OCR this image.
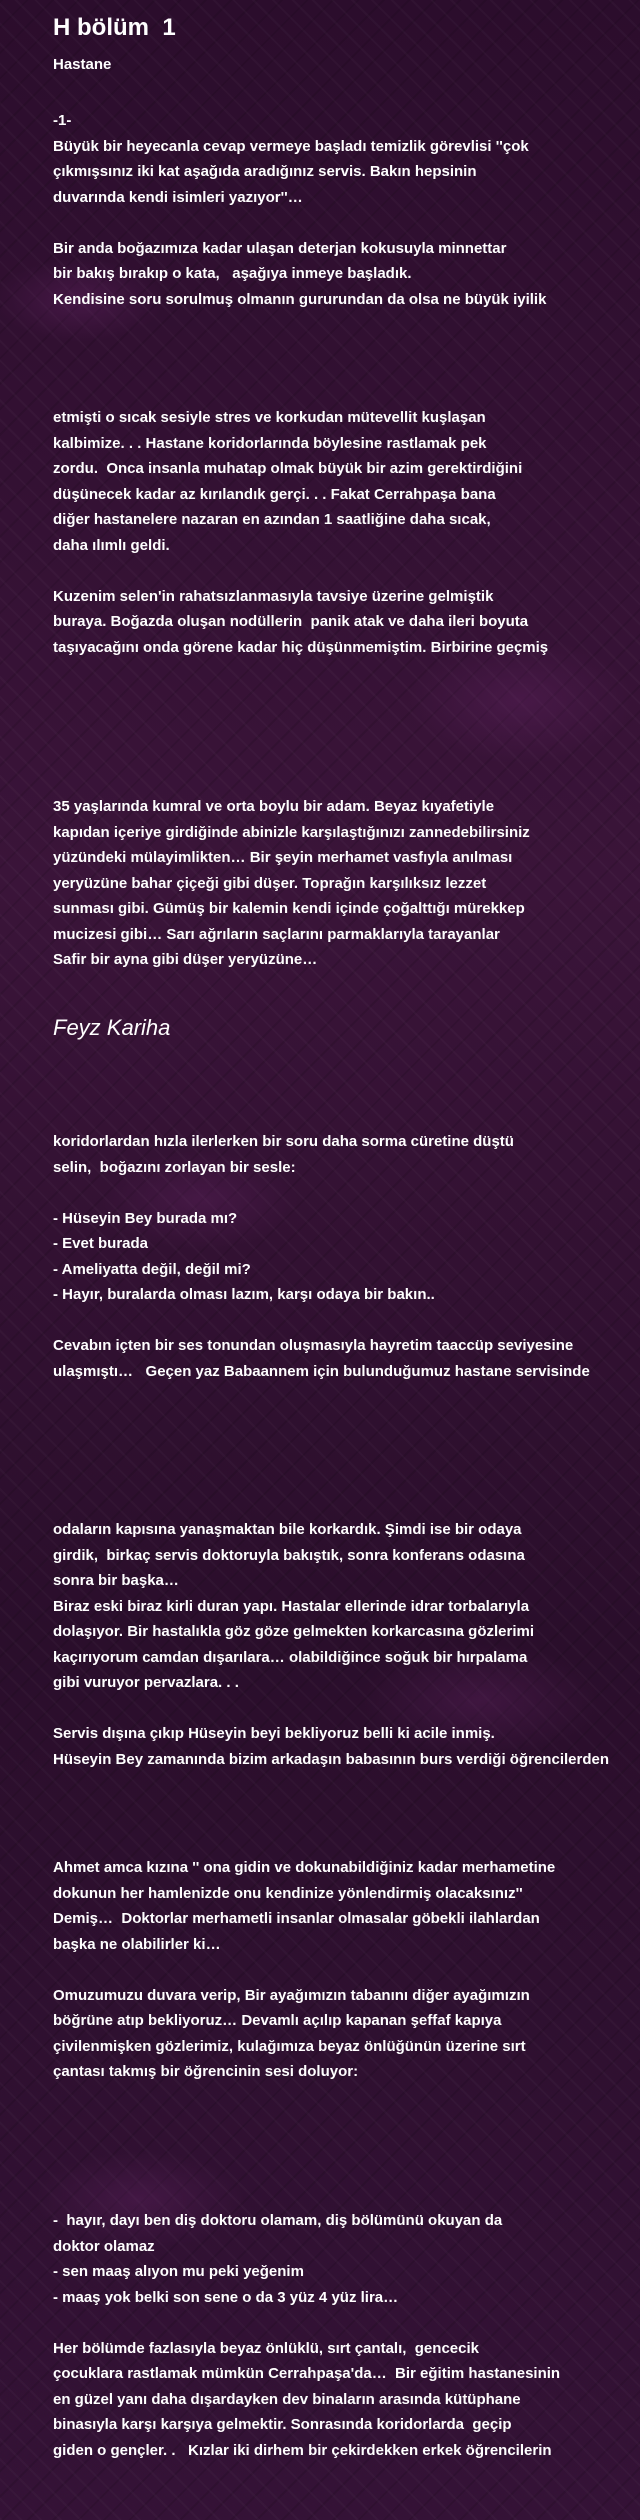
H bölüm  1
Hastane
-1-
Büyük bir heyecanla cevap vermeye başladı temizlik görevlisi ''çok
çıkmışsınız iki kat aşağıda aradığınız servis. Bakın hepsinin
duvarında kendi isimleri yazıyor''…
Bir anda boğazımıza kadar ulaşan deterjan kokusuyla minnettar
bir bakış bırakıp o kata,   aşağıya inmeye başladık.
Kendisine soru sorulmuş olmanın gururundan da olsa ne büyük iyilik
etmişti o sıcak sesiyle stres ve korkudan mütevellit kuşlaşan
kalbimize. . . Hastane koridorlarında böylesine rastlamak pek
zordu.  Onca insanla muhatap olmak büyük bir azim gerektirdiğini
düşünecek kadar az kırılandık gerçi. . . Fakat Cerrahpaşa bana
diğer hastanelere nazaran en azından 1 saatliğine daha sıcak,
daha ılımlı geldi.
Kuzenim selen'in rahatsızlanmasıyla tavsiye üzerine gelmiştik
buraya. Boğazda oluşan nodüllerin  panik atak ve daha ileri boyuta
taşıyacağını onda görene kadar hiç düşünmemiştim. Birbirine geçmiş
35 yaşlarında kumral ve orta boylu bir adam. Beyaz kıyafetiyle
kapıdan içeriye girdiğinde abinizle karşılaştığınızı zannedebilirsiniz
yüzündeki mülayimlikten… Bir şeyin merhamet vasfıyla anılması
yeryüzüne bahar çiçeği gibi düşer. Toprağın karşılıksız lezzet
sunması gibi. Gümüş bir kalemin kendi içinde çoğalttığı mürekkep
mucizesi gibi… Sarı ağrıların saçlarını parmaklarıyla tarayanlar
Safir bir ayna gibi düşer yeryüzüne…
Feyz Kariha
koridorlardan hızla ilerlerken bir soru daha sorma cüretine düştü
selin,  boğazını zorlayan bir sesle:
- Hüseyin Bey burada mı?
- Evet burada
- Ameliyatta değil, değil mi?
- Hayır, buralarda olması lazım, karşı odaya bir bakın..
Cevabın içten bir ses tonundan oluşmasıyla hayretim taaccüp seviyesine
ulaşmıştı…   Geçen yaz Babaannem için bulunduğumuz hastane servisinde
odaların kapısına yanaşmaktan bile korkardık. Şimdi ise bir odaya
girdik,  birkaç servis doktoruyla bakıştık, sonra konferans odasına
sonra bir başka…
Biraz eski biraz kirli duran yapı. Hastalar ellerinde idrar torbalarıyla
dolaşıyor. Bir hastalıkla göz göze gelmekten korkarcasına gözlerimi
kaçırıyorum camdan dışarılara… olabildiğince soğuk bir hırpalama
gibi vuruyor pervazlara. . .
Servis dışına çıkıp Hüseyin beyi bekliyoruz belli ki acile inmiş.
Hüseyin Bey zamanında bizim arkadaşın babasının burs verdiği öğrencilerden
Ahmet amca kızına '' ona gidin ve dokunabildiğiniz kadar merhametine
dokunun her hamlenizde onu kendinize yönlendirmiş olacaksınız''
Demiş…  Doktorlar merhametli insanlar olmasalar göbekli ilahlardan
başka ne olabilirler ki…
Omuzumuzu duvara verip, Bir ayağımızın tabanını diğer ayağımızın
böğrüne atıp bekliyoruz… Devamlı açılıp kapanan şeffaf kapıya
çivilenmişken gözlerimiz, kulağımıza beyaz önlüğünün üzerine sırt
çantası takmış bir öğrencinin sesi doluyor:
-  hayır, dayı ben diş doktoru olamam, diş bölümünü okuyan da
doktor olamaz
- sen maaş alıyon mu peki yeğenim
- maaş yok belki son sene o da 3 yüz 4 yüz lira…
Her bölümde fazlasıyla beyaz önlüklü, sırt çantalı,  gencecik
çocuklara rastlamak mümkün Cerrahpaşa'da…  Bir eğitim hastanesinin
en güzel yanı daha dışardayken dev binaların arasında kütüphane
binasıyla karşı karşıya gelmektir. Sonrasında koridorlarda  geçip
giden o gençler. .   Kızlar iki dirhem bir çekirdekken erkek öğrencilerin
